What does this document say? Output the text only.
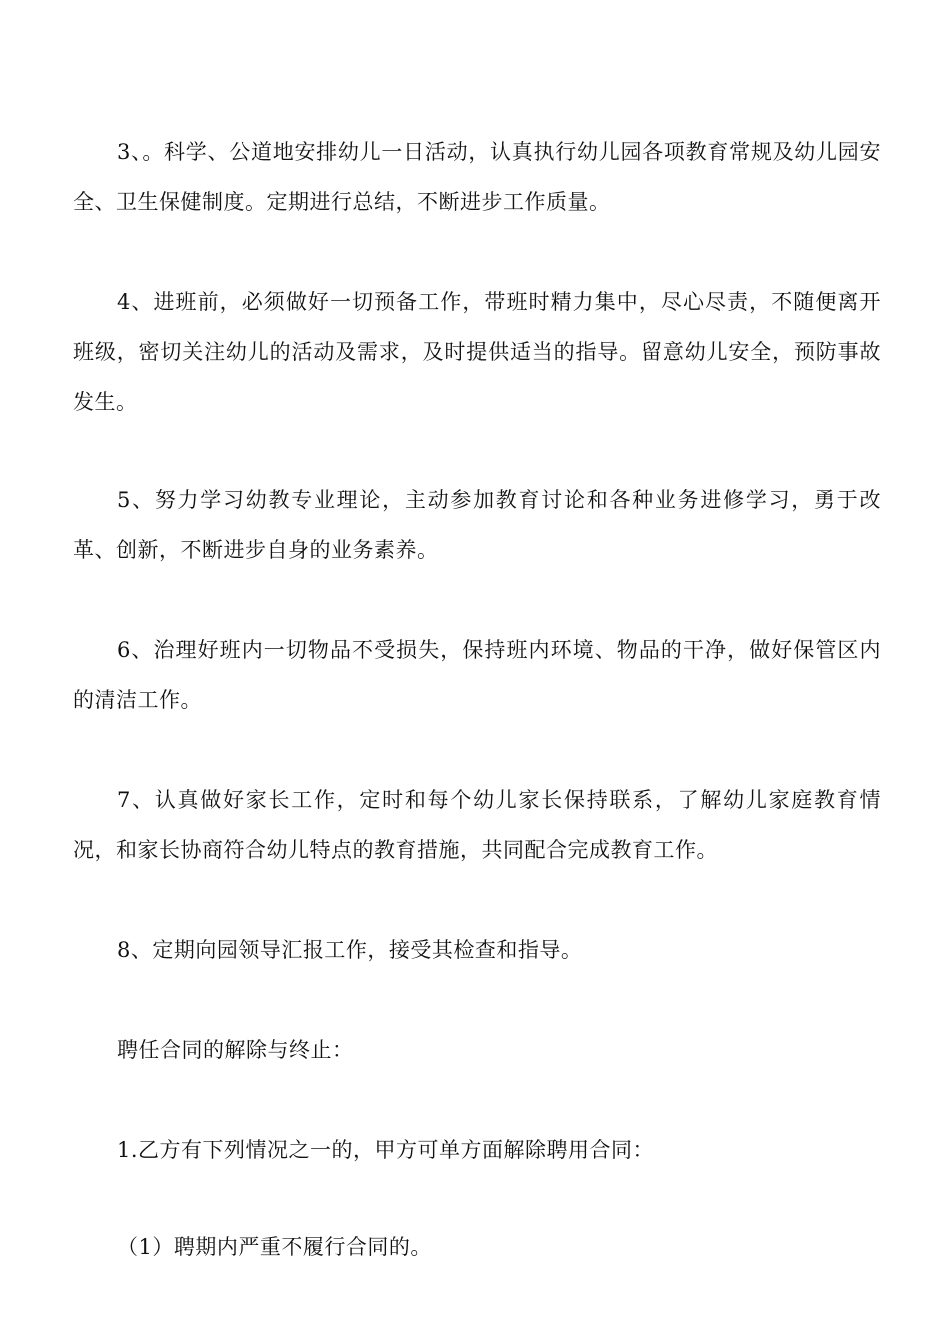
3、。科学、公道地安排幼儿一日活动，认真执行幼儿园各项教育常规及幼儿园安全、卫生保健制度。定期进行总结，不断进步工作质量。

4、进班前，必须做好一切预备工作，带班时精力集中，尽心尽责，不随便离开班级，密切关注幼儿的活动及需求，及时提供适当的指导。留意幼儿安全，预防事故发生。

5、努力学习幼教专业理论，主动参加教育讨论和各种业务进修学习，勇于改革、创新，不断进步自身的业务素养。

6、治理好班内一切物品不受损失，保持班内环境、物品的干净，做好保管区内的清洁工作。

7、认真做好家长工作，定时和每个幼儿家长保持联系，了解幼儿家庭教育情况，和家长协商符合幼儿特点的教育措施，共同配合完成教育工作。

8、定期向园领导汇报工作，接受其检查和指导。

聘任合同的解除与终止：

1.乙方有下列情况之一的，甲方可单方面解除聘用合同：

（1）聘期内严重不履行合同的。
